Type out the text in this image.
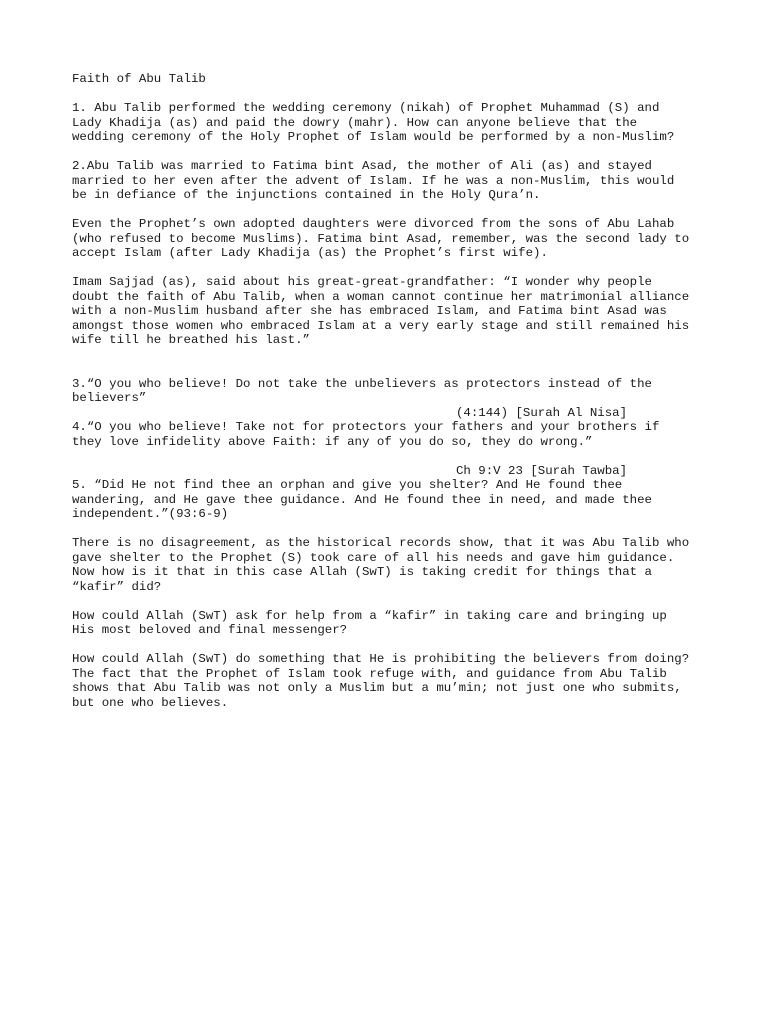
Faith of Abu Talib

1. Abu Talib performed the wedding ceremony (nikah) of Prophet Muhammad (S) and
Lady Khadija (as) and paid the dowry (mahr). How can anyone believe that the
wedding ceremony of the Holy Prophet of Islam would be performed by a non-Muslim?

2.Abu Talib was married to Fatima bint Asad, the mother of Ali (as) and stayed
married to her even after the advent of Islam. If he was a non-Muslim, this would
be in defiance of the injunctions contained in the Holy Qura’n.

Even the Prophet’s own adopted daughters were divorced from the sons of Abu Lahab
(who refused to become Muslims). Fatima bint Asad, remember, was the second lady to
accept Islam (after Lady Khadija (as) the Prophet’s first wife).

Imam Sajjad (as), said about his great-great-grandfather: “I wonder why people
doubt the faith of Abu Talib, when a woman cannot continue her matrimonial alliance
with a non-Muslim husband after she has embraced Islam, and Fatima bint Asad was
amongst those women who embraced Islam at a very early stage and still remained his
wife till he breathed his last.”

3.“O you who believe! Do not take the unbelievers as protectors instead of the
believers”

(4:144) [Surah Al Nisa]

4.“O you who believe! Take not for protectors your fathers and your brothers if
they love infidelity above Faith: if any of you do so, they do wrong.”

Ch 9:V 23 [Surah Tawba]

5. “Did He not find thee an orphan and give you shelter? And He found thee
wandering, and He gave thee guidance. And He found thee in need, and made thee
independent.”(93:6-9)

There is no disagreement, as the historical records show, that it was Abu Talib who
gave shelter to the Prophet (S) took care of all his needs and gave him guidance.
Now how is it that in this case Allah (SwT) is taking credit for things that a
“kafir” did?

How could Allah (SwT) ask for help from a “kafir” in taking care and bringing up
His most beloved and final messenger?

How could Allah (SwT) do something that He is prohibiting the believers from doing?
The fact that the Prophet of Islam took refuge with, and guidance from Abu Talib
shows that Abu Talib was not only a Muslim but a mu’min; not just one who submits,
but one who believes.
